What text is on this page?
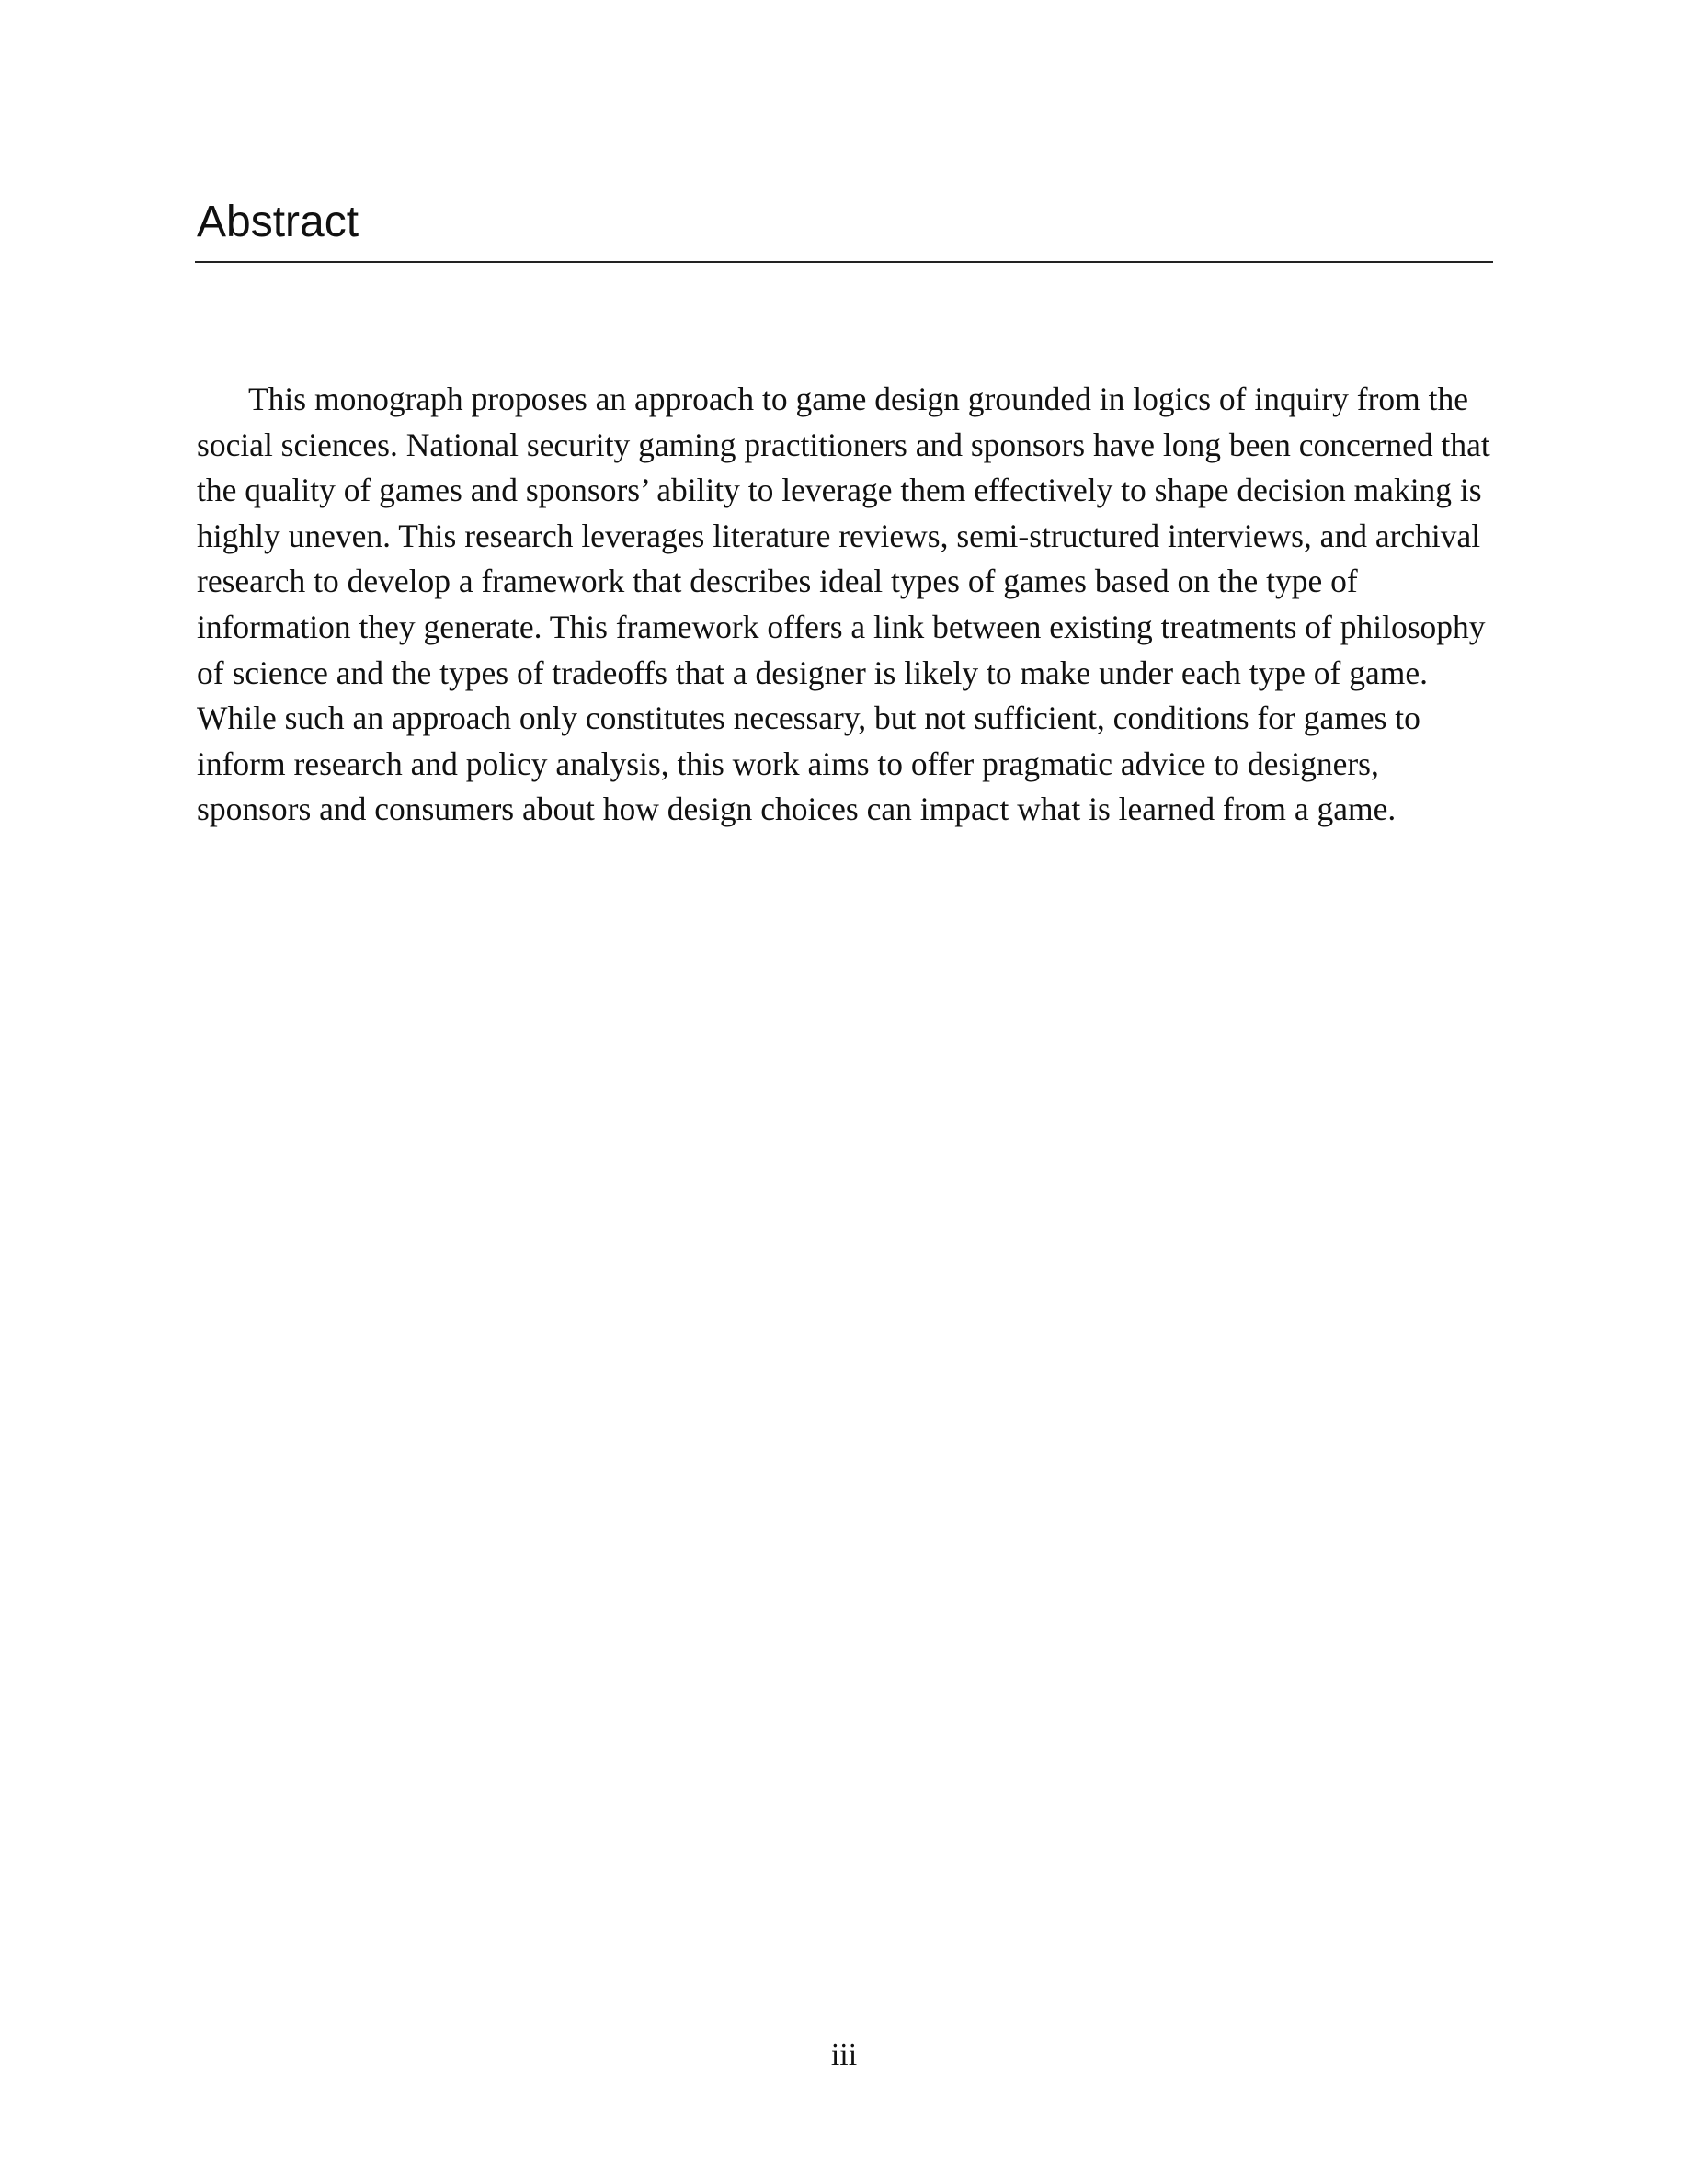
Abstract

This monograph proposes an approach to game design grounded in logics of inquiry from the social sciences. National security gaming practitioners and sponsors have long been concerned that the quality of games and sponsors’ ability to leverage them effectively to shape decision making is highly uneven. This research leverages literature reviews, semi-structured interviews, and archival research to develop a framework that describes ideal types of games based on the type of information they generate. This framework offers a link between existing treatments of philosophy of science and the types of tradeoffs that a designer is likely to make under each type of game. While such an approach only constitutes necessary, but not sufficient, conditions for games to inform research and policy analysis, this work aims to offer pragmatic advice to designers, sponsors and consumers about how design choices can impact what is learned from a game.

iii
